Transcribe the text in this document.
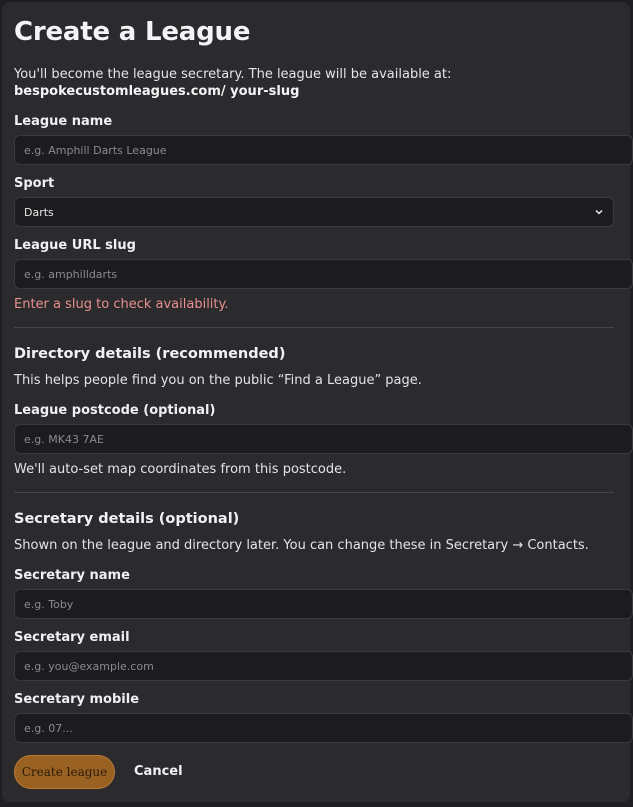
Create a League
You'll become the league secretary. The league will be available at: bespokecustomleagues.com/ your-slug
League name
e.g. Amphill Darts League
Sport
Darts
League URL slug
e.g. amphilldarts
Enter a slug to check availability.
Directory details (recommended)
This helps people find you on the public “Find a League” page.
League postcode (optional)
e.g. MK43 7AE
We'll auto-set map coordinates from this postcode.
Secretary details (optional)
Shown on the league and directory later. You can change these in Secretary → Contacts.
Secretary name
e.g. Toby
Secretary email
e.g. you@example.com
Secretary mobile
e.g. 07...
Create league	Cancel
